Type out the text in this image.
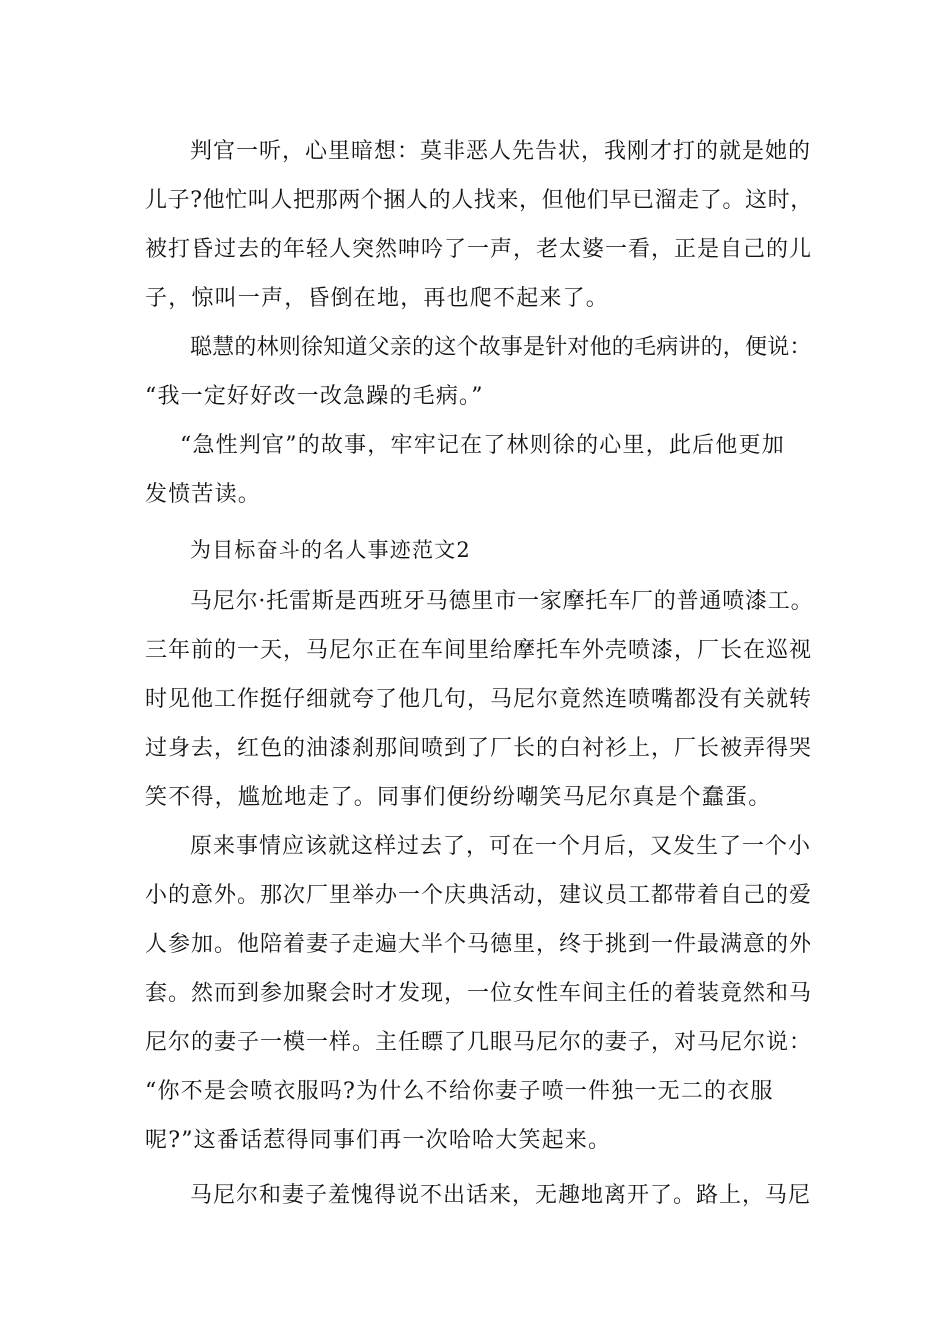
判官一听，心里暗想：莫非恶人先告状，我刚才打的就是她的
儿子?他忙叫人把那两个捆人的人找来，但他们早已溜走了。这时，
被打昏过去的年轻人突然呻吟了一声，老太婆一看，正是自己的儿
子，惊叫一声，昏倒在地，再也爬不起来了。
聪慧的林则徐知道父亲的这个故事是针对他的毛病讲的，便说：
“我一定好好改一改急躁的毛病。”
“急性判官”的故事，牢牢记在了林则徐的心里，此后他更加
发愤苦读。
为目标奋斗的名人事迹范文2
马尼尔·托雷斯是西班牙马德里市一家摩托车厂的普通喷漆工。
三年前的一天，马尼尔正在车间里给摩托车外壳喷漆，厂长在巡视
时见他工作挺仔细就夸了他几句，马尼尔竟然连喷嘴都没有关就转
过身去，红色的油漆刹那间喷到了厂长的白衬衫上，厂长被弄得哭
笑不得，尴尬地走了。同事们便纷纷嘲笑马尼尔真是个蠢蛋。
原来事情应该就这样过去了，可在一个月后，又发生了一个小
小的意外。那次厂里举办一个庆典活动，建议员工都带着自己的爱
人参加。他陪着妻子走遍大半个马德里，终于挑到一件最满意的外
套。然而到参加聚会时才发现，一位女性车间主任的着装竟然和马
尼尔的妻子一模一样。主任瞟了几眼马尼尔的妻子，对马尼尔说：
“你不是会喷衣服吗?为什么不给你妻子喷一件独一无二的衣服
呢?”这番话惹得同事们再一次哈哈大笑起来。
马尼尔和妻子羞愧得说不出话来，无趣地离开了。路上，马尼
